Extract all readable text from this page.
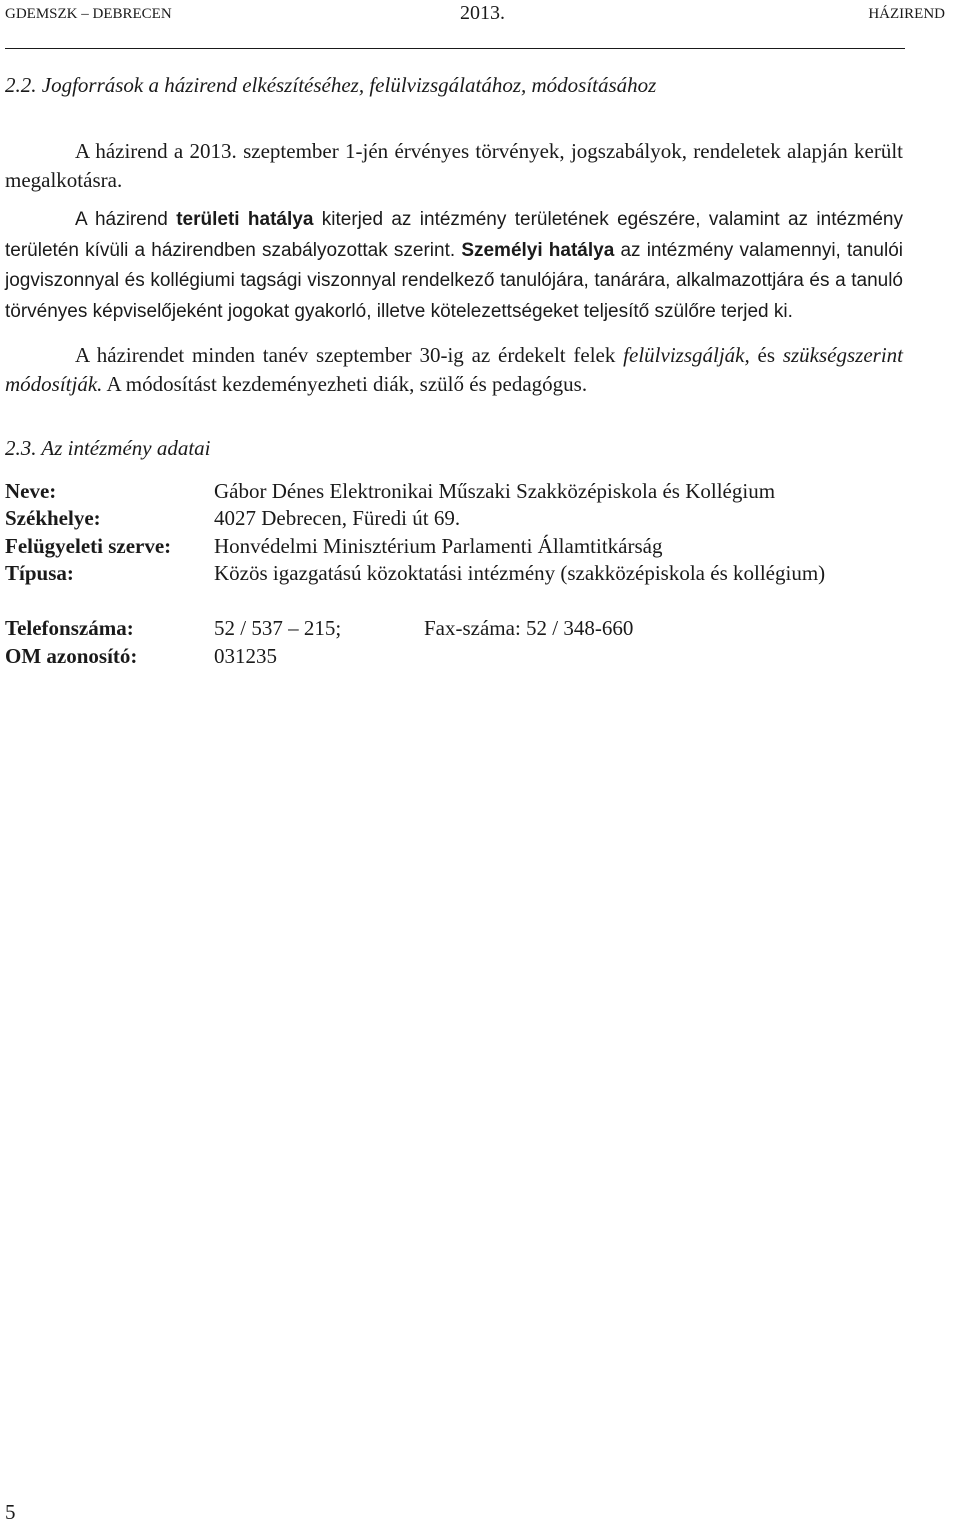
GDEMSZK – DEBRECEN	2013.	HÁZIREND
2.2. Jogforrások a házirend elkészítéséhez, felülvizsgálatához, módosításához
A házirend a 2013. szeptember 1-jén érvényes törvények, jogszabályok, rendeletek alapján került megalkotásra.
A házirend területi hatálya kiterjed az intézmény területének egészére, valamint az intézmény területén kívüli a házirendben szabályozottak szerint. Személyi hatálya az intézmény valamennyi, tanulói jogviszonnyal és kollégiumi tagsági viszonnyal rendelkező tanulójára, tanárára, alkalmazottjára és a tanuló törvényes képviselőjeként jogokat gyakorló, illetve kötelezettségeket teljesítő szülőre terjed ki.
A házirendet minden tanév szeptember 30-ig az érdekelt felek felülvizsgálják, és szükségszerint módosítják. A módosítást kezdeményezheti diák, szülő és pedagógus.
2.3. Az intézmény adatai
Neve:	Gábor Dénes Elektronikai Műszaki Szakközépiskola és Kollégium
Székhelye:	4027 Debrecen, Füredi út 69.
Felügyeleti szerve: Honvédelmi Minisztérium Parlamenti Államtitkárság
Típusa:	Közös igazgatású közoktatási intézmény (szakközépiskola és kollégium)
Telefonszáma:	52 / 537 – 215;	Fax-száma: 52 / 348-660
OM azonosító:	031235
5
